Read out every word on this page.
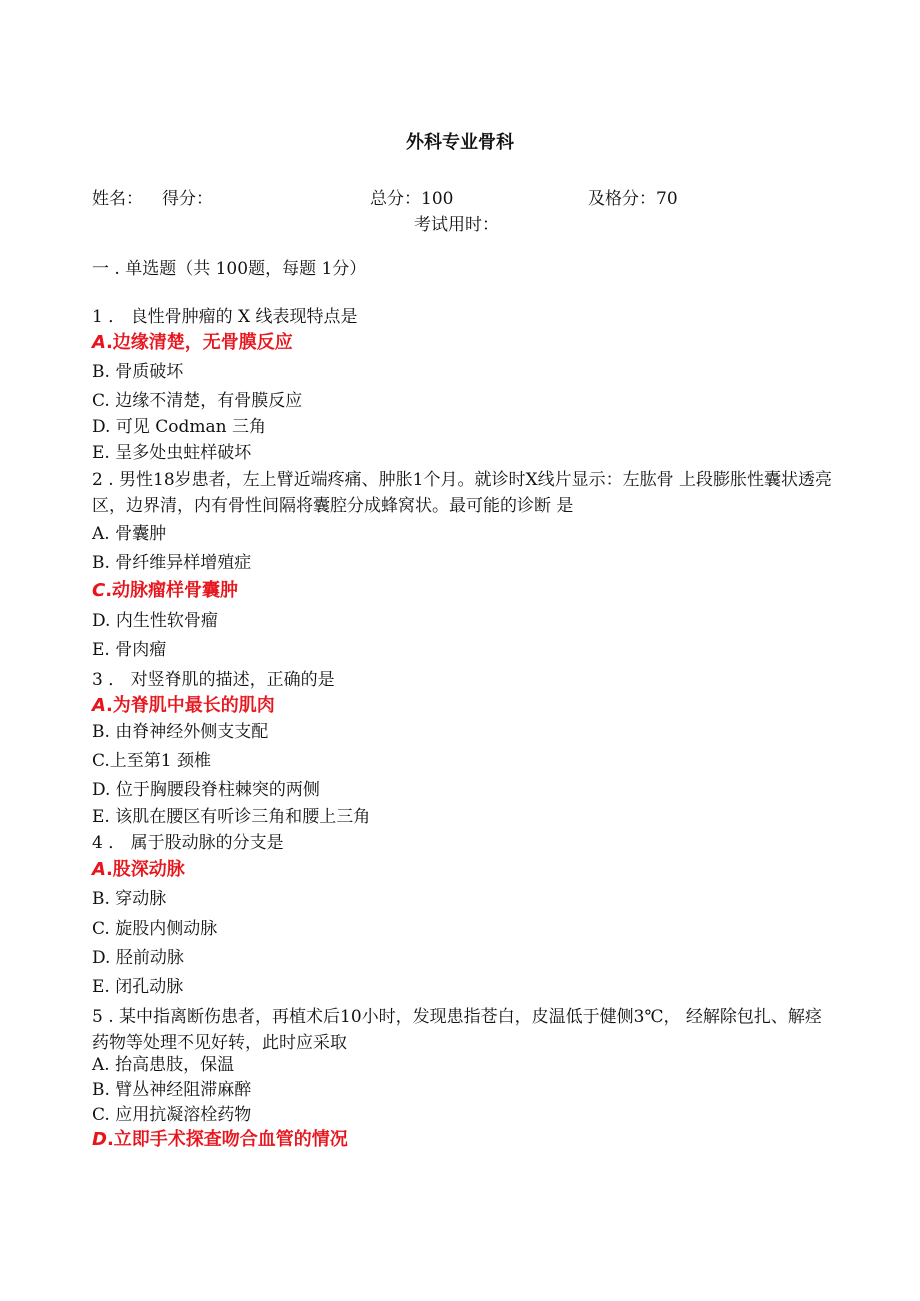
外科专业骨科
姓名： 得分：	总分：100	及格分：70
考试用时：
一 . 单选题（共 100题，每题 1分）
1 ． 良性骨肿瘤的 X 线表现特点是
A.边缘清楚，无骨膜反应
B. 骨质破坏
C. 边缘不清楚，有骨膜反应
D. 可见 Codman 三角
E. 呈多处虫蛀样破坏
2 . 男性18岁患者，左上臂近端疼痛、肿胀1个月。就诊时X线片显示：左肱骨 上段膨胀性囊状透亮区，边界清，内有骨性间隔将囊腔分成蜂窝状。最可能的诊断 是
A. 骨囊肿
B. 骨纤维异样增殖症
C.动脉瘤样骨囊肿
D. 内生性软骨瘤
E. 骨肉瘤
3 ． 对竖脊肌的描述，正确的是
A.为脊肌中最长的肌肉
B. 由脊神经外侧支支配
C.上至第1 颈椎
D. 位于胸腰段脊柱棘突的两侧
E. 该肌在腰区有听诊三角和腰上三角
4 ． 属于股动脉的分支是
A.股深动脉
B. 穿动脉
C. 旋股内侧动脉
D. 胫前动脉
E. 闭孔动脉
5 . 某中指离断伤患者，再植术后10小时，发现患指苍白，皮温低于健侧3℃， 经解除包扎、解痉药物等处理不见好转，此时应采取
A. 抬高患肢，保温
B. 臂丛神经阻滞麻醉
C. 应用抗凝溶栓药物
D.立即手术探查吻合血管的情况
